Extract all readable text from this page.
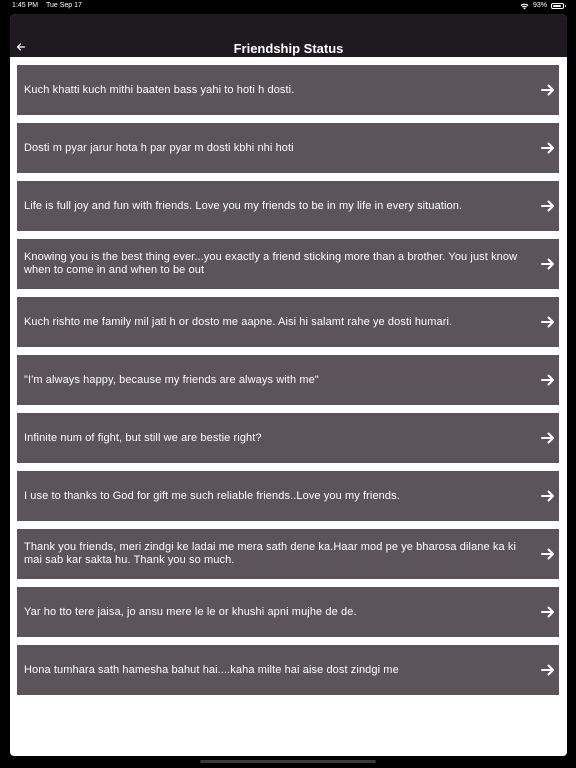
1:45 PM Tue Sep 17	93%
Friendship Status
Kuch khatti kuch mithi baaten bass yahi to hoti h dosti.
Dosti m pyar jarur hota h par pyar m dosti kbhi nhi hoti
Life is full joy and fun with friends. Love you my friends to be in my life in every situation.
Knowing you is the best thing ever...you exactly a friend sticking more than a brother. You just know when to come in and when to be out
Kuch rishto me family mil jati h or dosto me aapne. Aisi hi salamt rahe ye dosti humari.
"I'm always happy, because my friends are always with me"
Infinite num of fight, but still we are bestie right?
I use to thanks to God for gift me such reliable friends..Love you my friends.
Thank you friends, meri zindgi ke ladai me mera sath dene ka.Haar mod pe ye bharosa dilane ka ki mai sab kar sakta hu. Thank you so much.
Yar ho tto tere jaisa, jo ansu mere le le or khushi apni mujhe de de.
Hona tumhara sath hamesha bahut hai....kaha milte hai aise dost zindgi me
